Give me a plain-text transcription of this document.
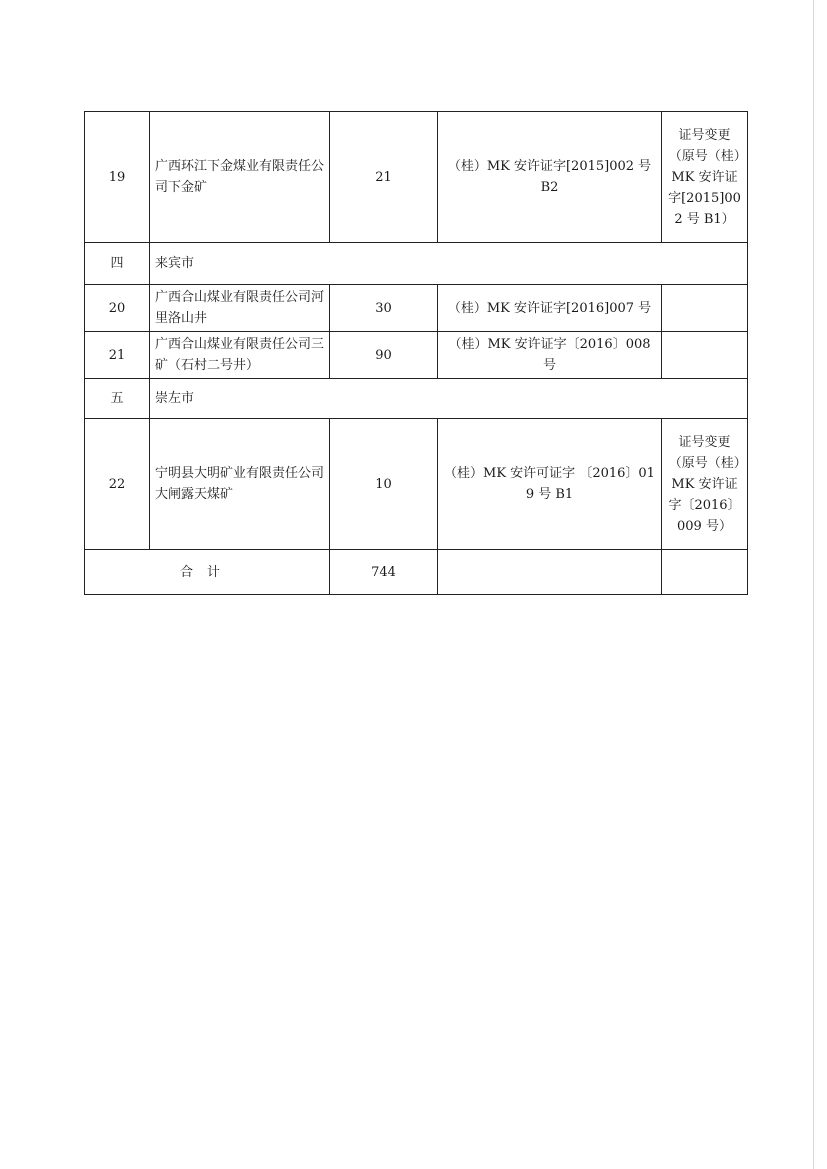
19	广西环江下金煤业有限责任公司下金矿	21	（桂）MK 安许证字[2015]002 号 B2	证号变更（原号（桂）MK 安许证字[2015]002 号 B1）
四	来宾市			
20	广西合山煤业有限责任公司河里洛山井	30	（桂）MK 安许证字[2016]007 号	
21	广西合山煤业有限责任公司三矿（石村二号井）	90	（桂）MK 安许证字〔2016〕008 号	
五	崇左市			
22	宁明县大明矿业有限责任公司大闸露天煤矿	10	（桂）MK 安许可证字 〔2016〕019 号 B1	证号变更（原号（桂）MK 安许证字〔2016〕009 号）
合计		744		
